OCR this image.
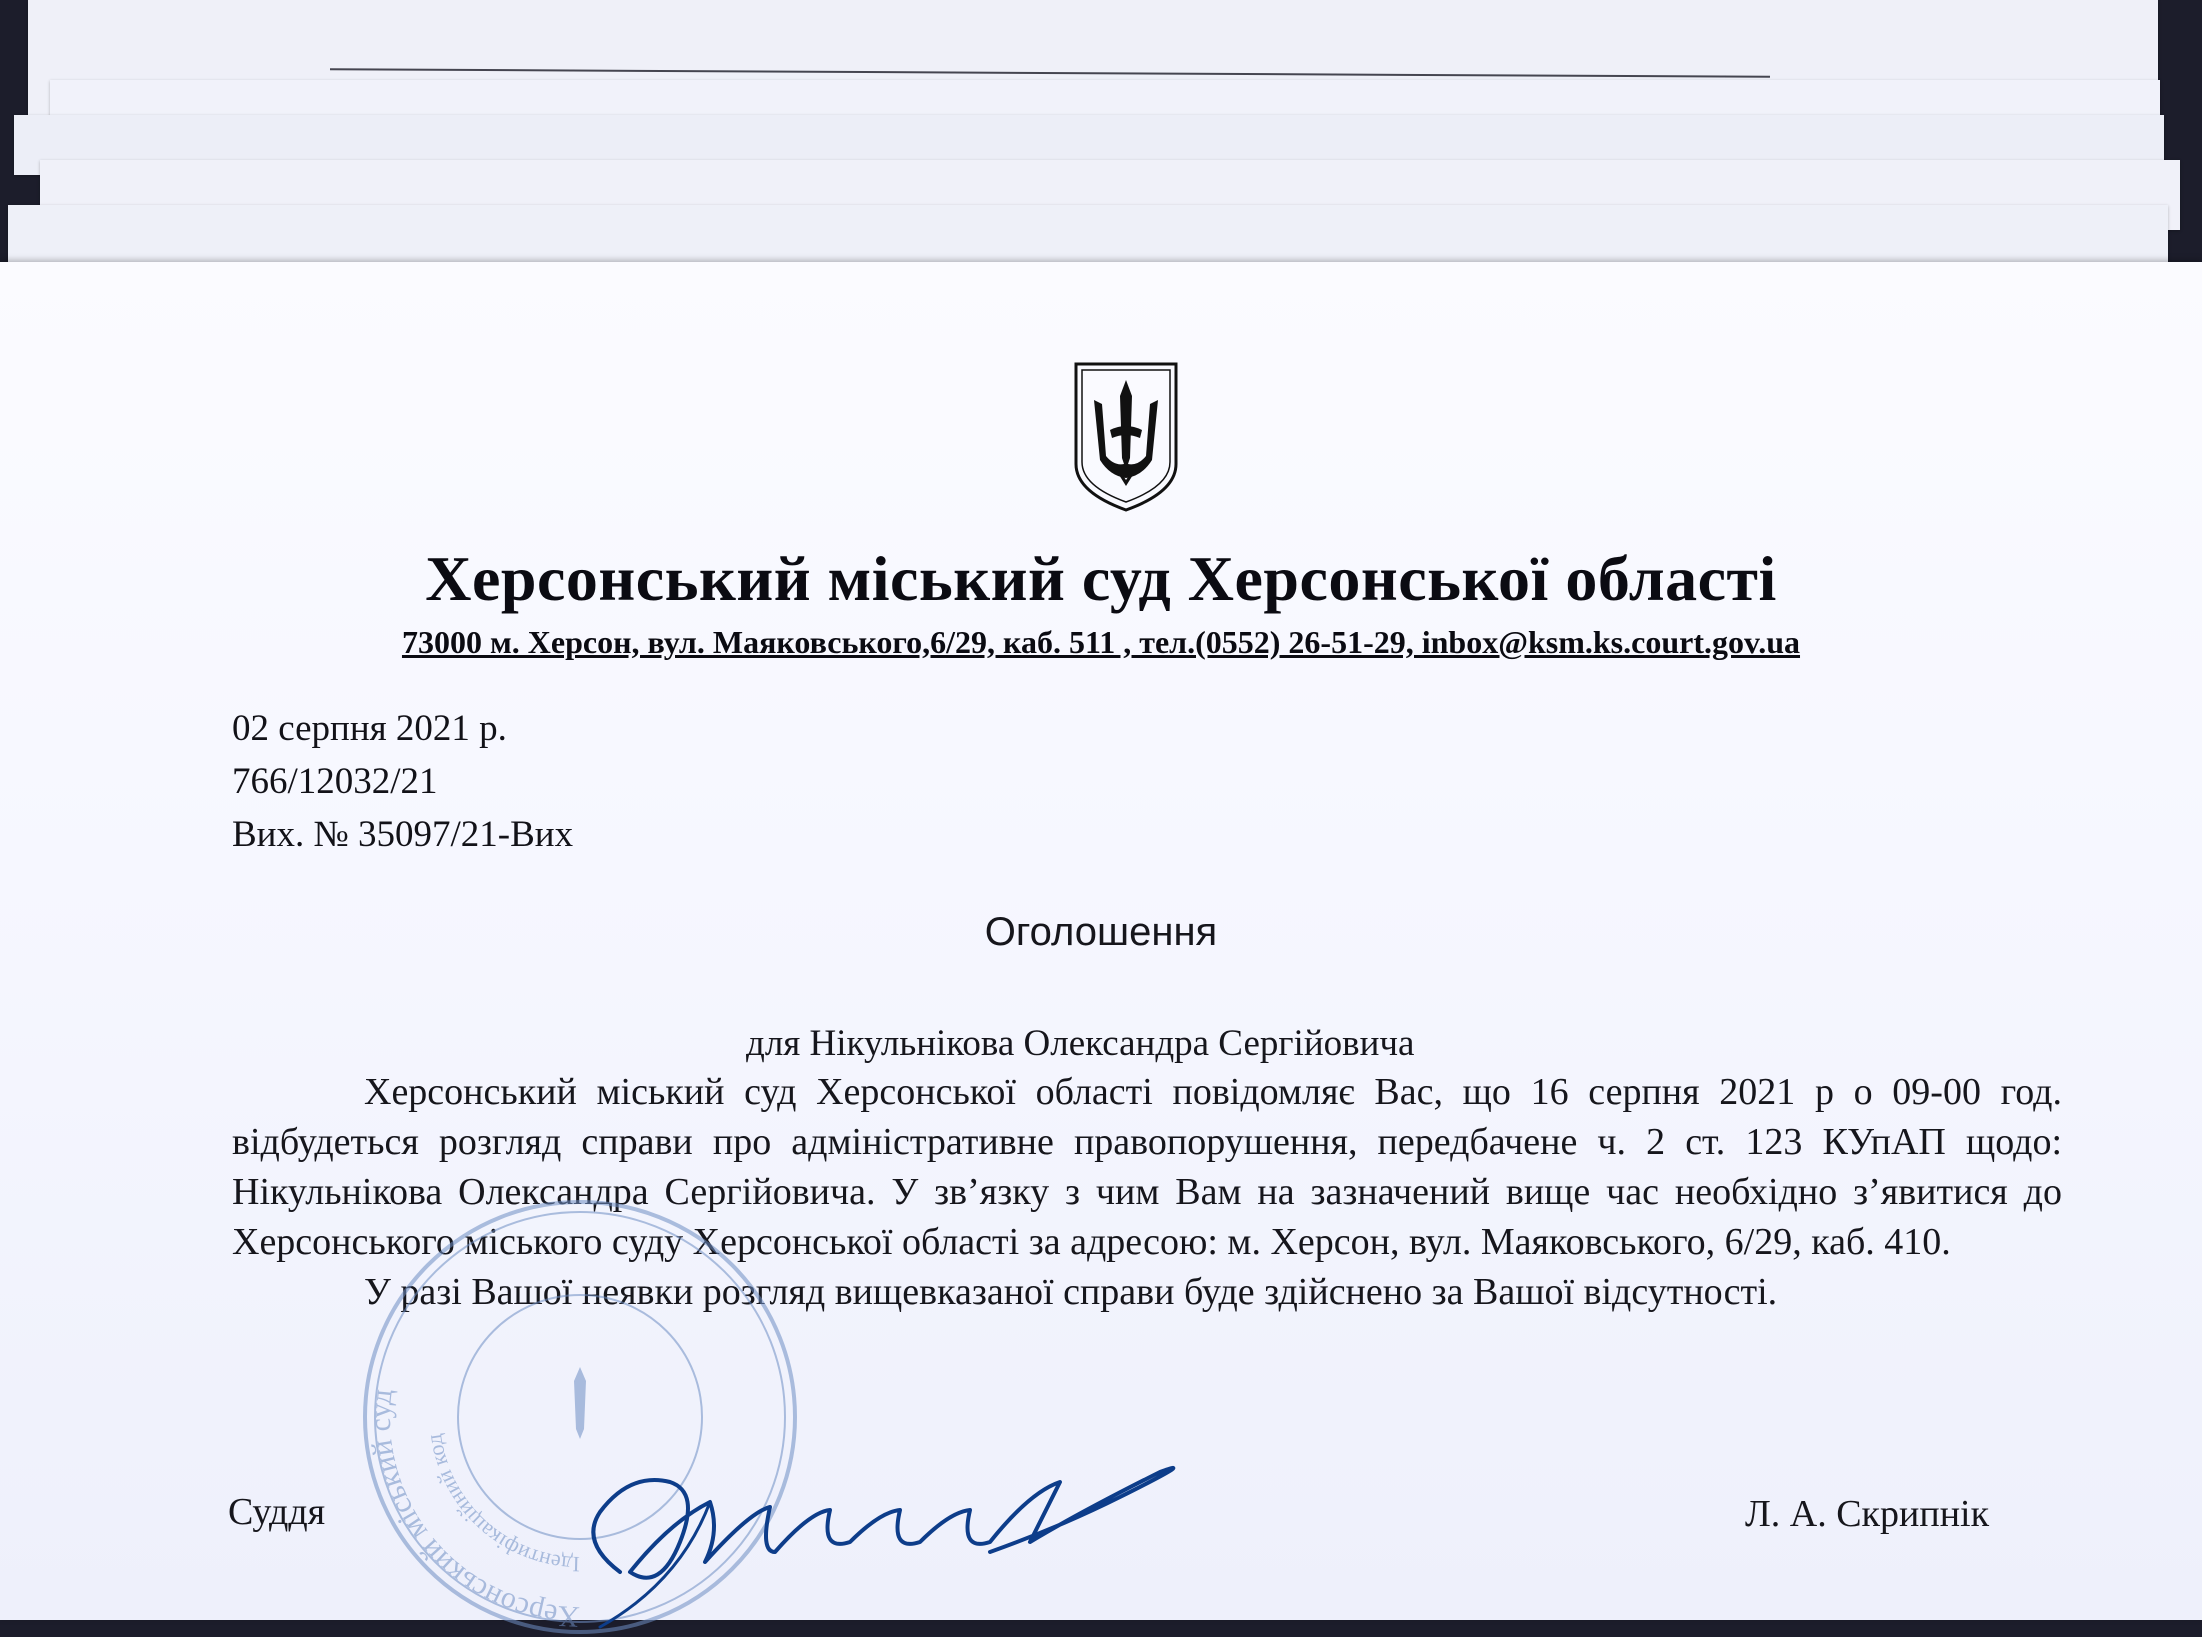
Херсонський міський суд Херсонської області
73000 м. Херсон, вул. Маяковського,6/29, каб. 511 , тел.(0552) 26-51-29, inbox@ksm.ks.court.gov.ua
02 серпня 2021 р.
766/12032/21
Вих. № 35097/21-Вих
Оголошення
для Нікульнікова Олександра Сергійовича

Херсонський міський суд Херсонської області повідомляє Вас, що 16 серпня 2021 р о 09-00 год. відбудеться розгляд справи про адміністративне правопорушення, передбачене ч. 2 ст. 123 КУпАП щодо: Нікульнікова Олександра Сергійовича. У зв’язку з чим Вам на зазначений вище час необхідно з’явитися до Херсонського міського суду Херсонської області за адресою: м. Херсон, вул. Маяковського, 6/29, каб. 410.

У разі Вашої неявки розгляд вищевказаної справи буде здійснено за Вашої відсутності.

Херсонський міський суд
Ідентифікаційний код
Суддя	Л. А. Скрипнік
